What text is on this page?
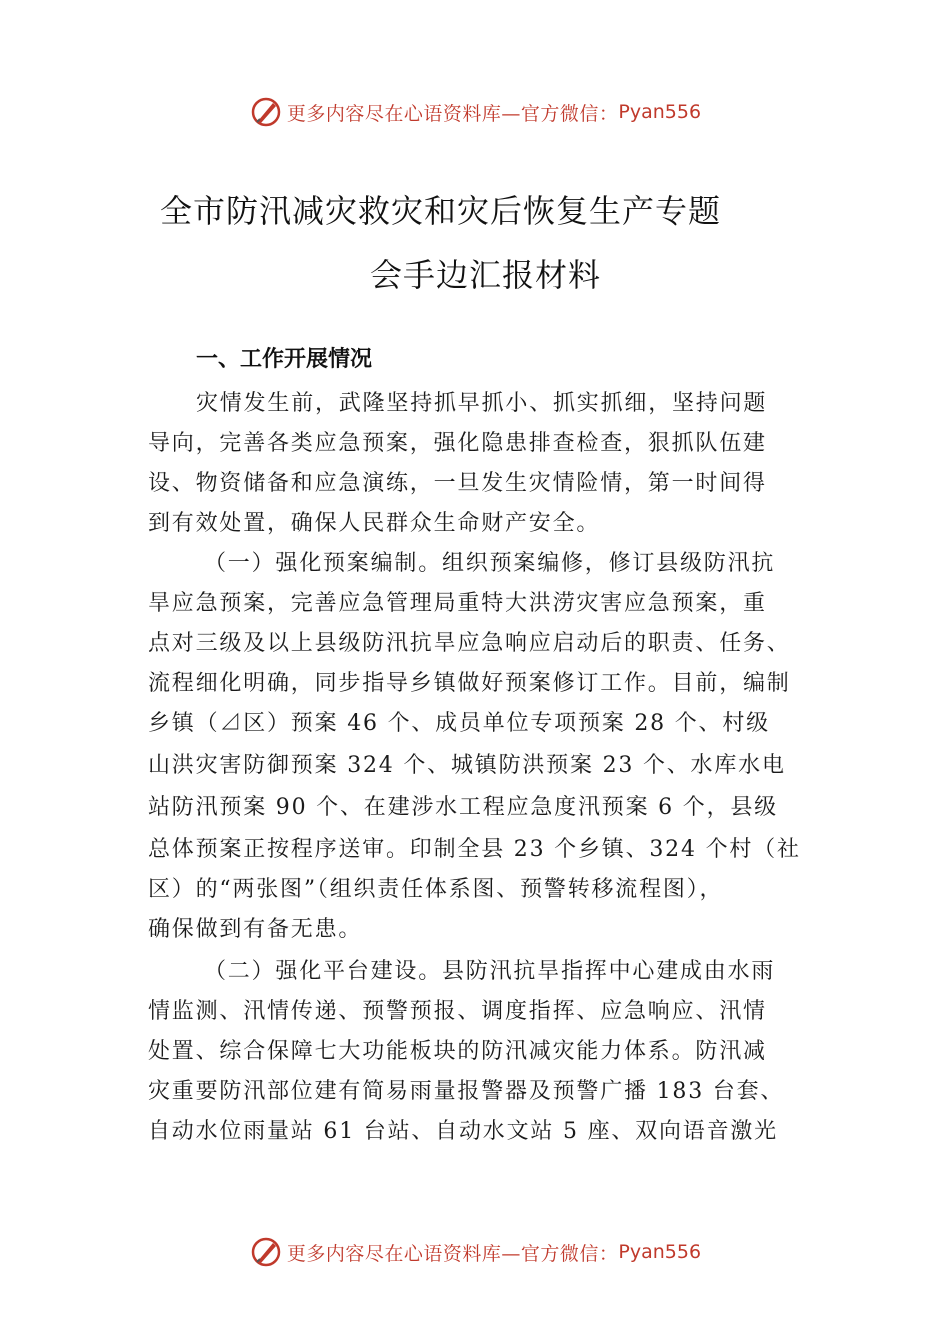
更多内容尽在心语资料库—官方微信： Pyan556
全市防汛减灾救灾和灾后恢复生产专题
会手边汇报材料
一、工作开展情况
灾情发生前，武隆坚持抓早抓小、抓实抓细，坚持问题
导向，完善各类应急预案，强化隐患排查检查，狠抓队伍建
设、物资储备和应急演练，一旦发生灾情险情，第一时间得
到有效处置，确保人民群众生命财产安全。
（一）强化预案编制。组织预案编修，修订县级防汛抗
旱应急预案，完善应急管理局重特大洪涝灾害应急预案，重
点对三级及以上县级防汛抗旱应急响应启动后的职责、任务、
流程细化明确，同步指导乡镇做好预案修订工作。目前，编制
乡镇（⊿区）预案 46 个、成员单位专项预案 28 个、村级
山洪灾害防御预案 324 个、城镇防洪预案 23 个、水库水电
站防汛预案 90 个、在建涉水工程应急度汛预案 6 个，县级
总体预案正按程序送审。印制全县 23 个乡镇、324 个村（社
区）的“两张图”（组织责任体系图、预警转移流程图），
确保做到有备无患。
（二）强化平台建设。县防汛抗旱指挥中心建成由水雨
情监测、汛情传递、预警预报、调度指挥、应急响应、汛情
处置、综合保障七大功能板块的防汛减灾能力体系。防汛减
灾重要防汛部位建有简易雨量报警器及预警广播 183 台套、
自动水位雨量站 61 台站、自动水文站 5 座、双向语音激光
更多内容尽在心语资料库—官方微信： Pyan556
